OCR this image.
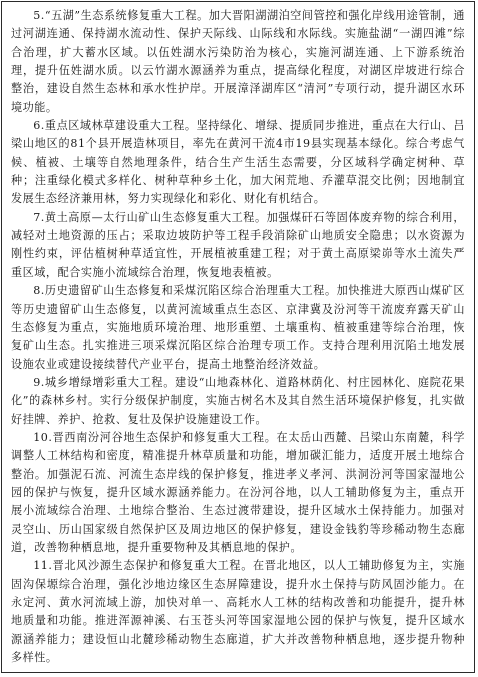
5.“五湖”生态系统修复重大工程。加大晋阳湖湖泊空间管控和强化岸线用途管制，通过河湖连通、保持湖水流动性、保护天际线、山际线和水际线。实施盐湖“一湖四滩”综合治理，扩大蓄水区域。以伍姓湖水污染防治为核心，实施河湖连通、上下游系统治理，提升伍姓湖水质。以云竹湖水源涵养为重点，提高绿化程度，对湖区岸坡进行综合整治，建设自然生态林和承水性护岸。开展漳泽湖库区“清河”专项行动，提升湖区水环境功能。

6.重点区域林草建设重大工程。坚持绿化、增绿、提质同步推进，重点在大行山、吕梁山地区的81个县开展造林项目，率先在黄河干流4市19县实现基本绿化。综合考虑气候、植被、土壤等自然地理条件，结合生产生活生态需要，分区域科学确定树种、草种；注重绿化模式多样化、树种草种乡土化，加大闲荒地、乔灌草混交比例；因地制宜发展生态经济兼用林，努力实现绿化和彩化、财化有机结合。

7.黄土高原—太行山矿山生态修复重大工程。加强煤矸石等固体废弃物的综合利用，减轻对土地资源的压占；采取边坡防护等工程手段消除矿山地质安全隐患；以水资源为刚性约束，评估植树种草适宜性，开展植被重建工程；对于黄土高原梁峁等水土流失严重区域，配合实施小流域综合治理，恢复地表植被。

8.历史遗留矿山生态修复和采煤沉陷区综合治理重大工程。加快推进大原西山煤矿区等历史遗留矿山生态修复，以黄河流域重点生态区、京津冀及汾河等干流废弃露天矿山生态修复为重点，实施地质环境治理、地形重塑、土壤重构、植被重建等综合治理，恢复矿山生态。扎实推进三项采煤沉陷区综合治理专项工作。支持合理利用沉陷土地发展设施农业或建设接续替代产业平台，提高土地整治经济效益。

9.城乡增绿增彩重大工程。建设“山地森林化、道路林荫化、村庄园林化、庭院花果化”的森林乡村。实行分级保护制度，实施古树名木及其自然生活环境保护修复，扎实做好挂牌、养护、抢救、复壮及保护设施建设工作。

10.晋西南汾河谷地生态保护和修复重大工程。在太岳山西麓、吕梁山东南麓，科学调整人工林结构和密度，精准提升林草质量和功能，增加碳汇能力，适度开展土地综合整治。加强泥石流、河流生态岸线的保护修复，推进孝义孝河、洪洞汾河等国家湿地公园的保护与恢复，提升区域水源涵养能力。在汾河谷地，以人工辅助修复为主，重点开展小流域综合治理、土地综合整治、生态过渡带建设，提升区域水土保持能力。加强对灵空山、历山国家级自然保护区及周边地区的保护修复，建设金钱豹等珍稀动物生态廊道，改善物种栖息地，提升重要物种及其栖息地的保护。

11.晋北风沙源生态保护和修复重大工程。在晋北地区，以人工辅助修复为主，实施固沟保塬综合治理，强化沙地边缘区生态屏障建设，提升水土保持与防风固沙能力。在永定河、黄水河流域上游，加快对单一、高耗水人工林的结构改善和功能提升，提升林地质量和功能。推进浑源神溪、右玉苍头河等国家湿地公园的保护与恢复，提升区域水源涵养能力；建设恒山北麓珍稀动物生态廊道，扩大并改善物种栖息地，逐步提升物种多样性。
